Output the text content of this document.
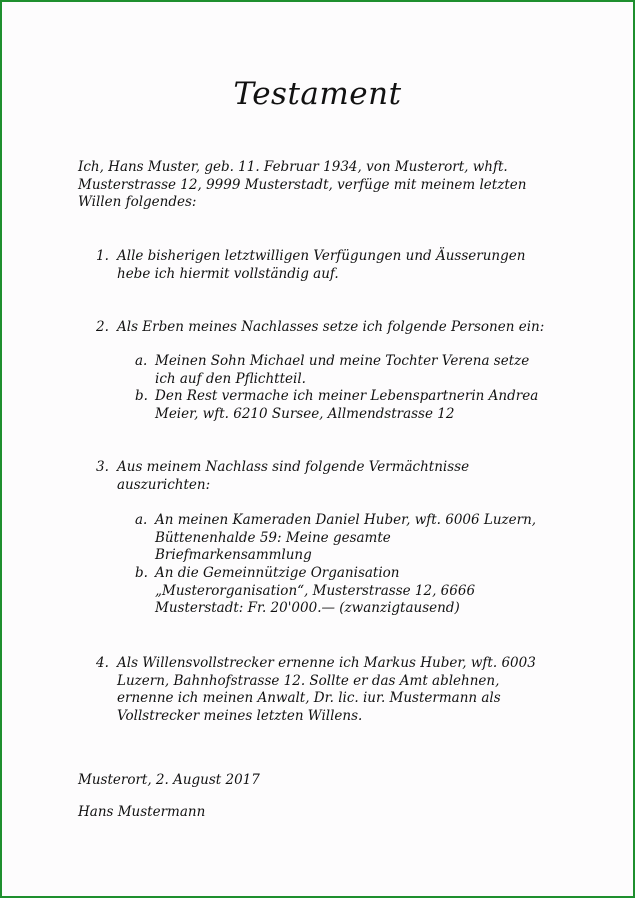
Testament
Ich, Hans Muster, geb. 11. Februar 1934, von Musterort, whft.
Musterstrasse 12, 9999 Musterstadt, verfüge mit meinem letzten
Willen folgendes:
1. Alle bisherigen letztwilligen Verfügungen und Äusserungen
hebe ich hiermit vollständig auf.
2. Als Erben meines Nachlasses setze ich folgende Personen ein:
a. Meinen Sohn Michael und meine Tochter Verena setze
ich auf den Pflichtteil.
b. Den Rest vermache ich meiner Lebenspartnerin Andrea
Meier, wft. 6210 Sursee, Allmendstrasse 12
3. Aus meinem Nachlass sind folgende Vermächtnisse
auszurichten:
a. An meinen Kameraden Daniel Huber, wft. 6006 Luzern,
Büttenenhalde 59: Meine gesamte
Briefmarkensammlung
b. An die Gemeinnützige Organisation
„Musterorganisation“, Musterstrasse 12, 6666
Musterstadt: Fr. 20'000.— (zwanzigtausend)
4. Als Willensvollstrecker ernenne ich Markus Huber, wft. 6003
Luzern, Bahnhofstrasse 12. Sollte er das Amt ablehnen,
ernenne ich meinen Anwalt, Dr. lic. iur. Mustermann als
Vollstrecker meines letzten Willens.
Musterort, 2. August 2017
Hans Mustermann
